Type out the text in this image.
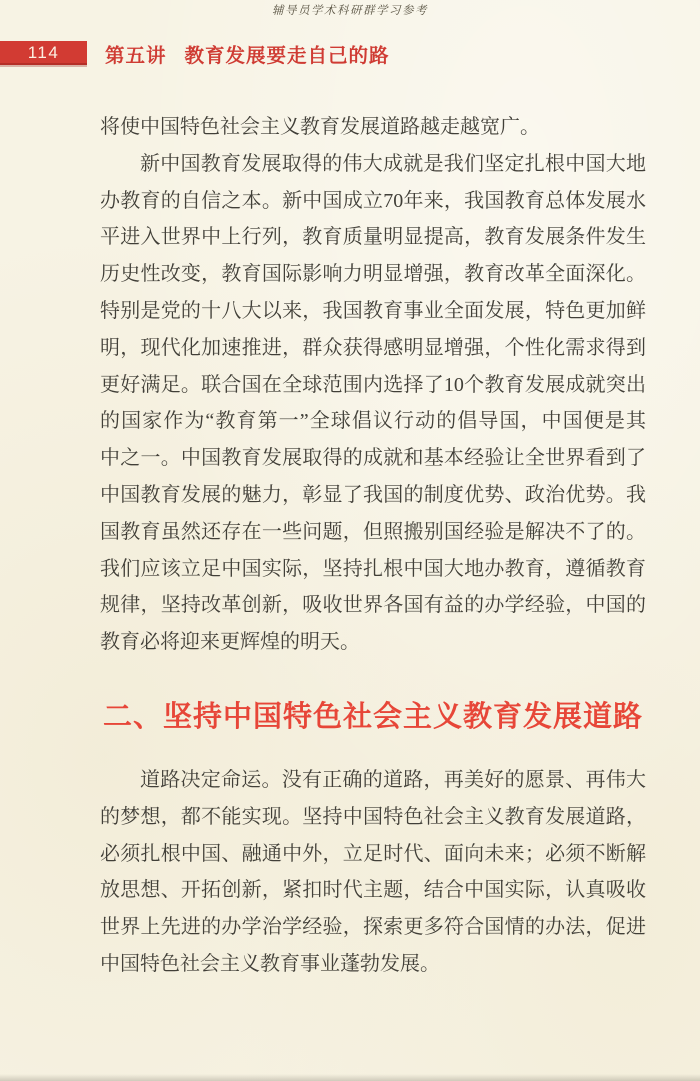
辅导员学术科研群学习参考
114	第五讲 教育发展要走自己的路
将使中国特色社会主义教育发展道路越走越宽广。
新中国教育发展取得的伟大成就是我们坚定扎根中国大地
办教育的自信之本。新中国成立70年来，我国教育总体发展水
平进入世界中上行列，教育质量明显提高，教育发展条件发生
历史性改变，教育国际影响力明显增强，教育改革全面深化。
特别是党的十八大以来，我国教育事业全面发展，特色更加鲜
明，现代化加速推进，群众获得感明显增强，个性化需求得到
更好满足。联合国在全球范围内选择了10个教育发展成就突出
的国家作为“教育第一”全球倡议行动的倡导国，中国便是其
中之一。中国教育发展取得的成就和基本经验让全世界看到了
中国教育发展的魅力，彰显了我国的制度优势、政治优势。我
国教育虽然还存在一些问题，但照搬别国经验是解决不了的。
我们应该立足中国实际，坚持扎根中国大地办教育，遵循教育
规律，坚持改革创新，吸收世界各国有益的办学经验，中国的
教育必将迎来更辉煌的明天。
二、坚持中国特色社会主义教育发展道路
道路决定命运。没有正确的道路，再美好的愿景、再伟大
的梦想，都不能实现。坚持中国特色社会主义教育发展道路，
必须扎根中国、融通中外，立足时代、面向未来；必须不断解
放思想、开拓创新，紧扣时代主题，结合中国实际，认真吸收
世界上先进的办学治学经验，探索更多符合国情的办法，促进
中国特色社会主义教育事业蓬勃发展。
